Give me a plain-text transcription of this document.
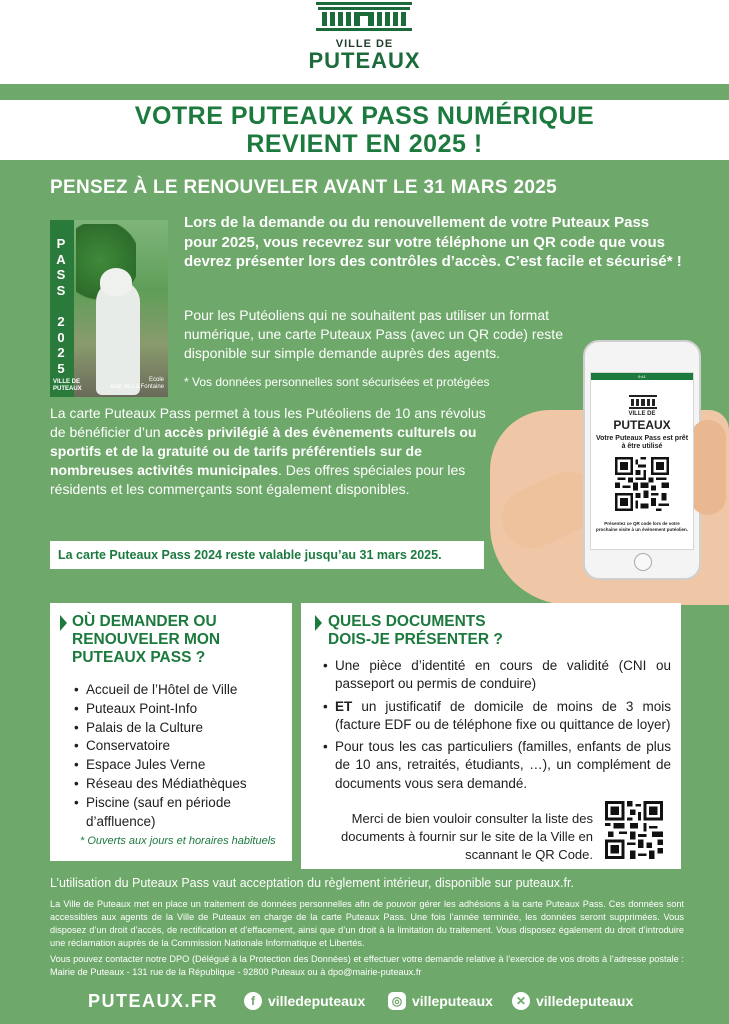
VILLE DE
PUTEAUX
VOTRE PUTEAUX PASS NUMÉRIQUE
REVIENT EN 2025 !
PENSEZ À LE RENOUVELER AVANT LE 31 MARS 2025
P
A
S
S

2
0
2
5
Ecole
Jean de La Fontaine
VILLE DE
PUTEAUX
Lors de la demande ou du renouvellement de votre Puteaux Pass pour 2025, vous recevrez sur votre téléphone un QR code que vous devrez présenter lors des contrôles d’accès. C’est facile et sécurisé* !
Pour les Putéoliens qui ne souhaitent pas utiliser un format numérique, une carte Puteaux Pass (avec un QR code) reste disponible sur simple demande auprès des agents.
* Vos données personnelles sont sécurisées et protégées
La carte Puteaux Pass permet à tous les Putéoliens de 10 ans révolus de bénéficier d’un accès privilégié à des évènements culturels ou sportifs et de la gratuité ou de tarifs préférentiels sur de nombreuses activités municipales. Des offres spéciales pour les résidents et les commerçants sont également disponibles.
La carte Puteaux Pass 2024 reste valable jusqu’au 31 mars 2025.
9:41
VILLE DE
PUTEAUX
Votre Puteaux Pass est prêt à être utilisé
Présentez ce QR code lors de votre prochaine visite à un évènement putéolien.
OÙ DEMANDER OU
RENOUVELER MON
PUTEAUX PASS ?
• Accueil de l’Hôtel de Ville
• Puteaux Point-Info
• Palais de la Culture
• Conservatoire
• Espace Jules Verne
• Réseau des Médiathèques
• Piscine (sauf en période d’affluence)
* Ouverts aux jours et horaires habituels
QUELS DOCUMENTS
DOIS-JE PRÉSENTER ?
• Une pièce d’identité en cours de validité (CNI ou passeport ou permis de conduire)
• ET un justificatif de domicile de moins de 3 mois (facture EDF ou de téléphone fixe ou quittance de loyer)
• Pour tous les cas particuliers (familles, enfants de plus de 10 ans, retraités, étudiants, …), un complément de documents vous sera demandé.
Merci de bien vouloir consulter la liste des documents à fournir sur le site de la Ville en scannant le QR Code.
L’utilisation du Puteaux Pass vaut acceptation du règlement intérieur, disponible sur puteaux.fr.
La Ville de Puteaux met en place un traitement de données personnelles afin de pouvoir gérer les adhésions à la carte Puteaux Pass. Ces données sont accessibles aux agents de la Ville de Puteaux en charge de la carte Puteaux Pass. Une fois l’année terminée, les données seront supprimées. Vous disposez d’un droit d’accès, de rectification et d’effacement, ainsi que d’un droit à la limitation du traitement. Vous disposez également du droit d’introduire une réclamation auprès de la Commission Nationale Informatique et Libertés.
Vous pouvez contacter notre DPO (Délégué à la Protection des Données) et effectuer votre demande relative à l’exercice de vos droits à l’adresse postale : Mairie de Puteaux - 131 rue de la République - 92800 Puteaux ou à dpo@mairie-puteaux.fr
PUTEAUX.FR	f villedeputeaux	◎ villeputeaux	✕ villedeputeaux
